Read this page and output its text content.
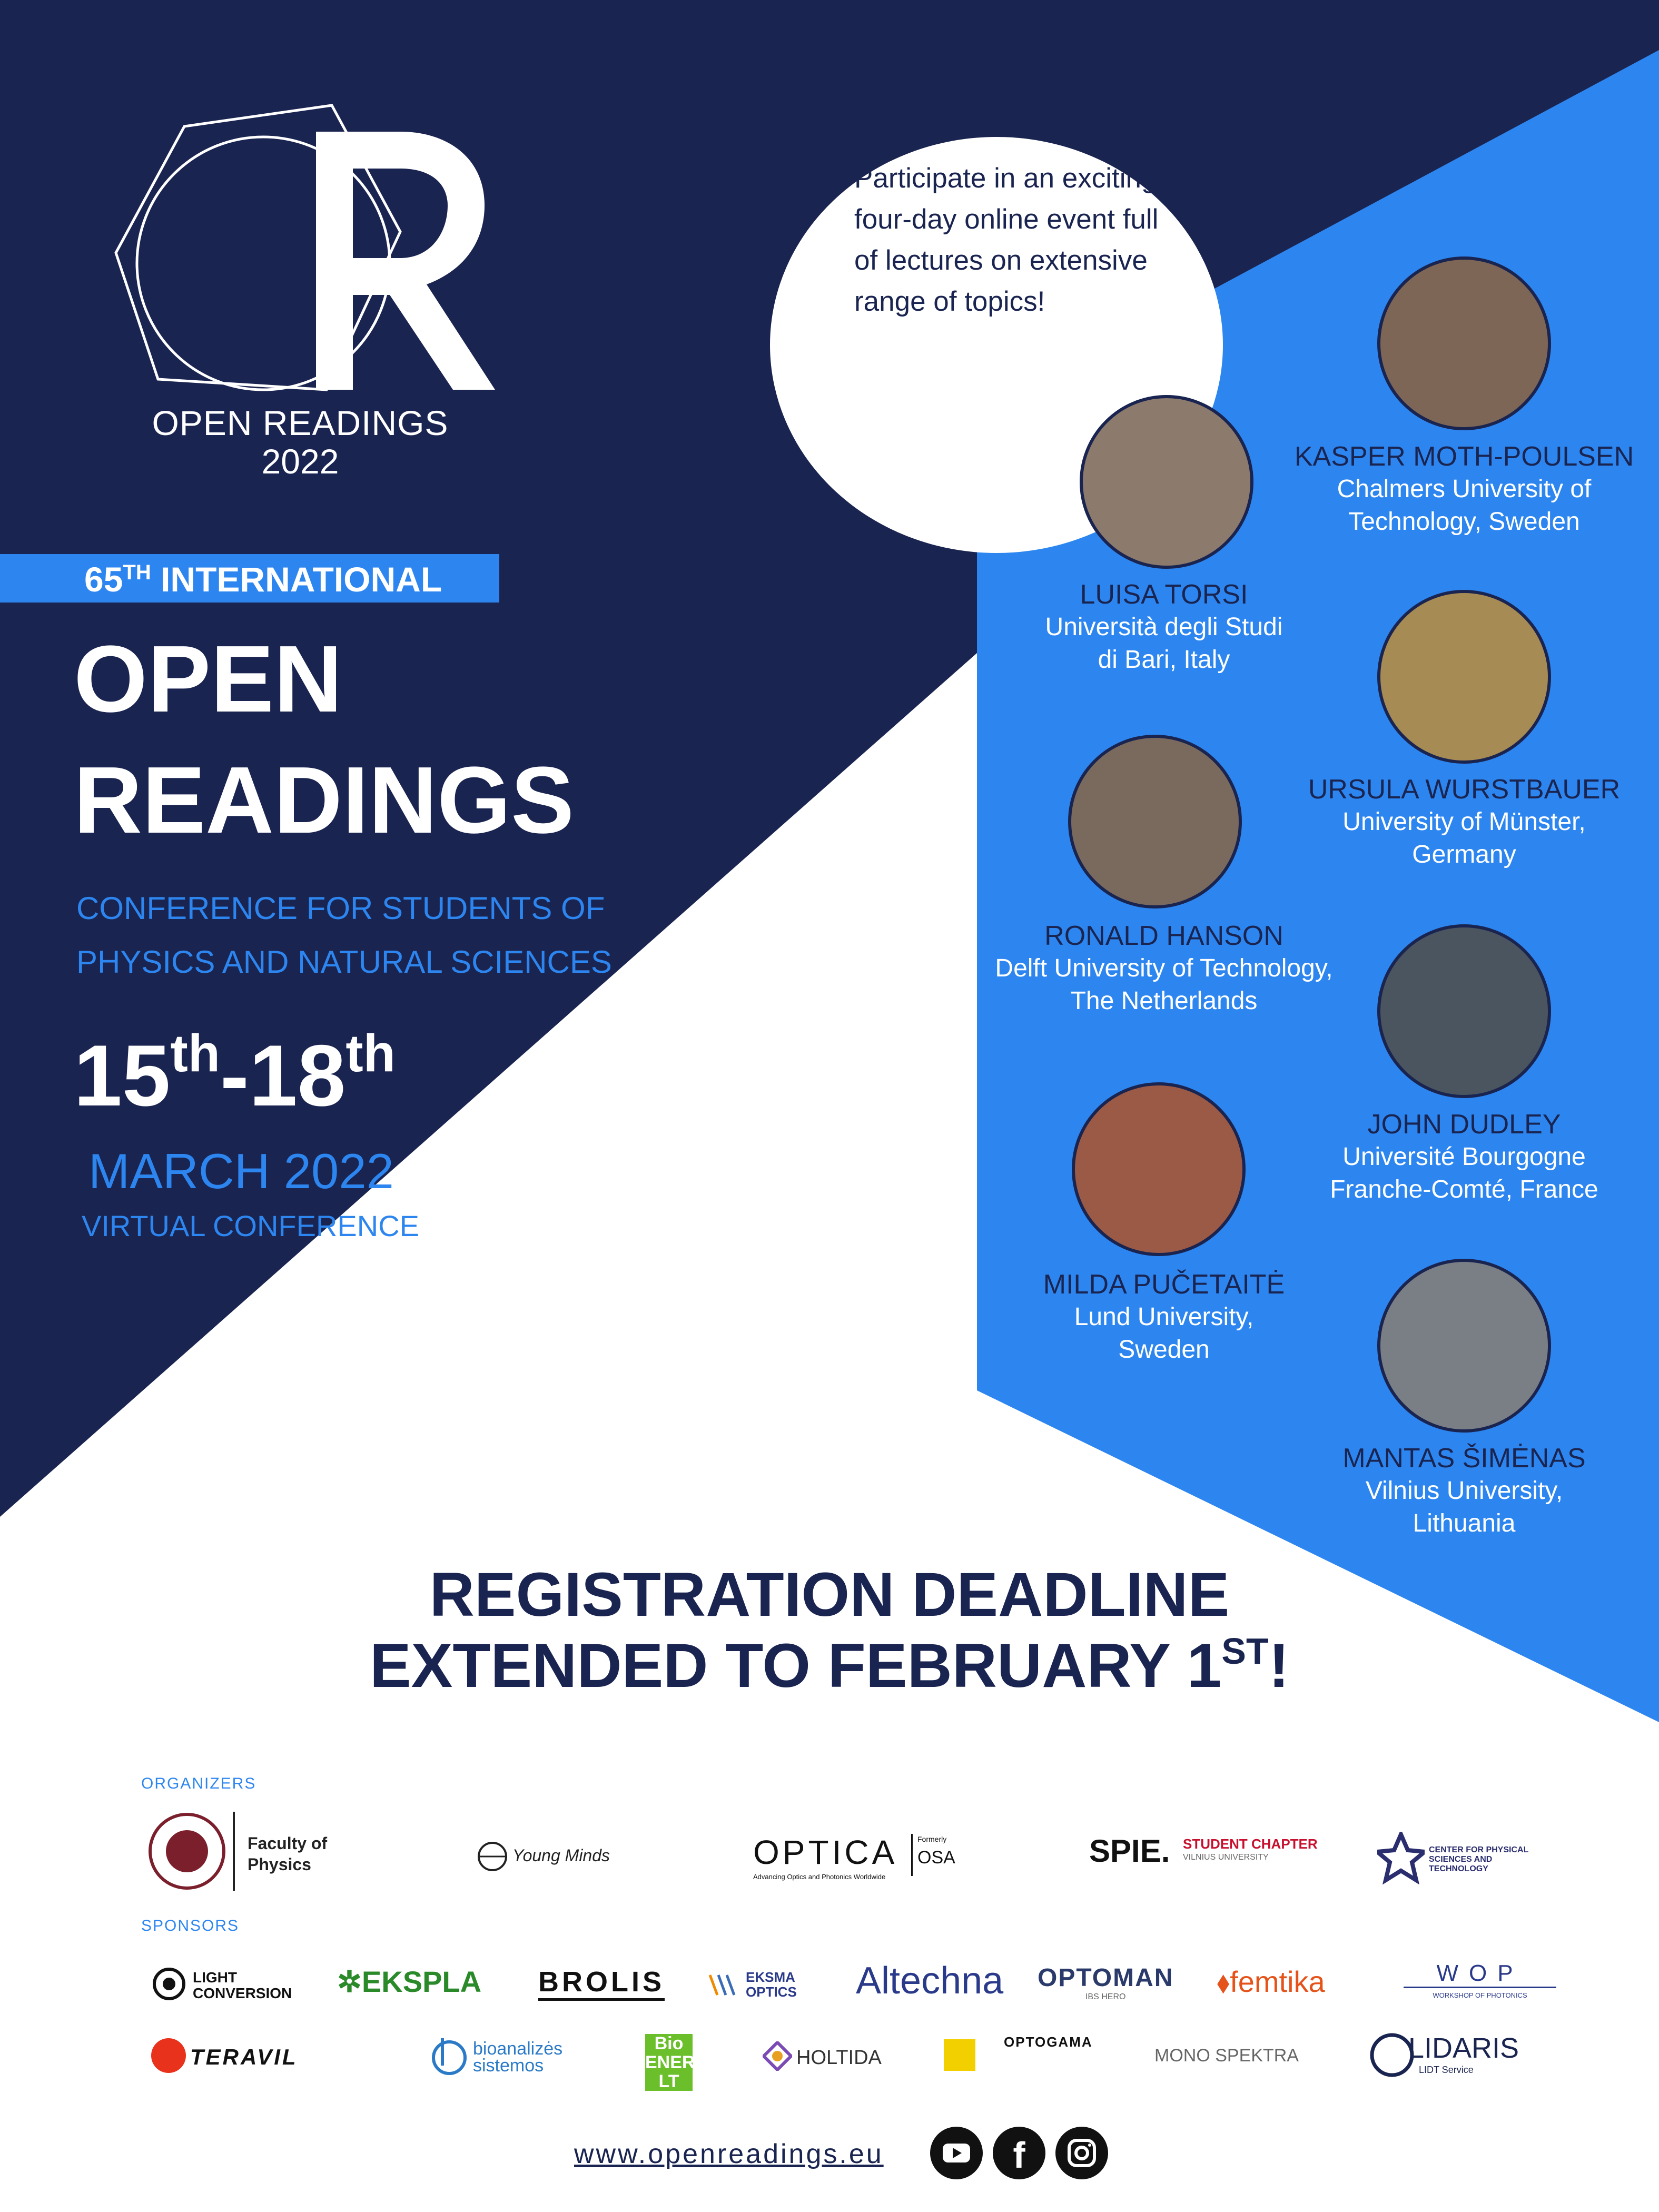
OPEN READINGS
2022
65TH INTERNATIONAL
OPEN
READINGS
CONFERENCE FOR STUDENTS OF
PHYSICS AND NATURAL SCIENCES
15th-18th
MARCH 2022
VIRTUAL CONFERENCE
Participate in an exciting four-day online event full of lectures on extensive range of topics!
KASPER MOTH-POULSEN
Chalmers University of
Technology, Sweden
URSULA WURSTBAUER
University of Münster,
Germany
JOHN DUDLEY
Université Bourgogne
Franche-Comté, France
MANTAS ŠIMĖNAS
Vilnius University,
Lithuania
LUISA TORSI
Università degli Studi
di Bari, Italy
RONALD HANSON
Delft University of Technology,
The Netherlands
MILDA PUČETAITĖ
Lund University,
Sweden
REGISTRATION DEADLINE
EXTENDED TO FEBRUARY 1ST!
ORGANIZERS
Faculty of Physics	Young Minds	OPTICA
Advancing Optics and Photonics Worldwide
Formerly
OSA	SPIE. STUDENT CHAPTER
VILNIUS UNIVERSITY
CENTER FOR PHYSICAL SCIENCES AND TECHNOLOGY
SPONSORS
LIGHT CONVERSION	✲EKSPLA BROLIS	EKSMA OPTICS	Altechna OPTOMAN
IBS HERO	⬧femtika	WOP
WORKSHOP OF PHOTONICS
TERAVIL	bioanalizės sistemos
Bio ENERGY LT
HOLTIDA
OPTOGAMA
MONO SPEKTRA	LIDARIS
LIDT Service
www.openreadings.eu	f
